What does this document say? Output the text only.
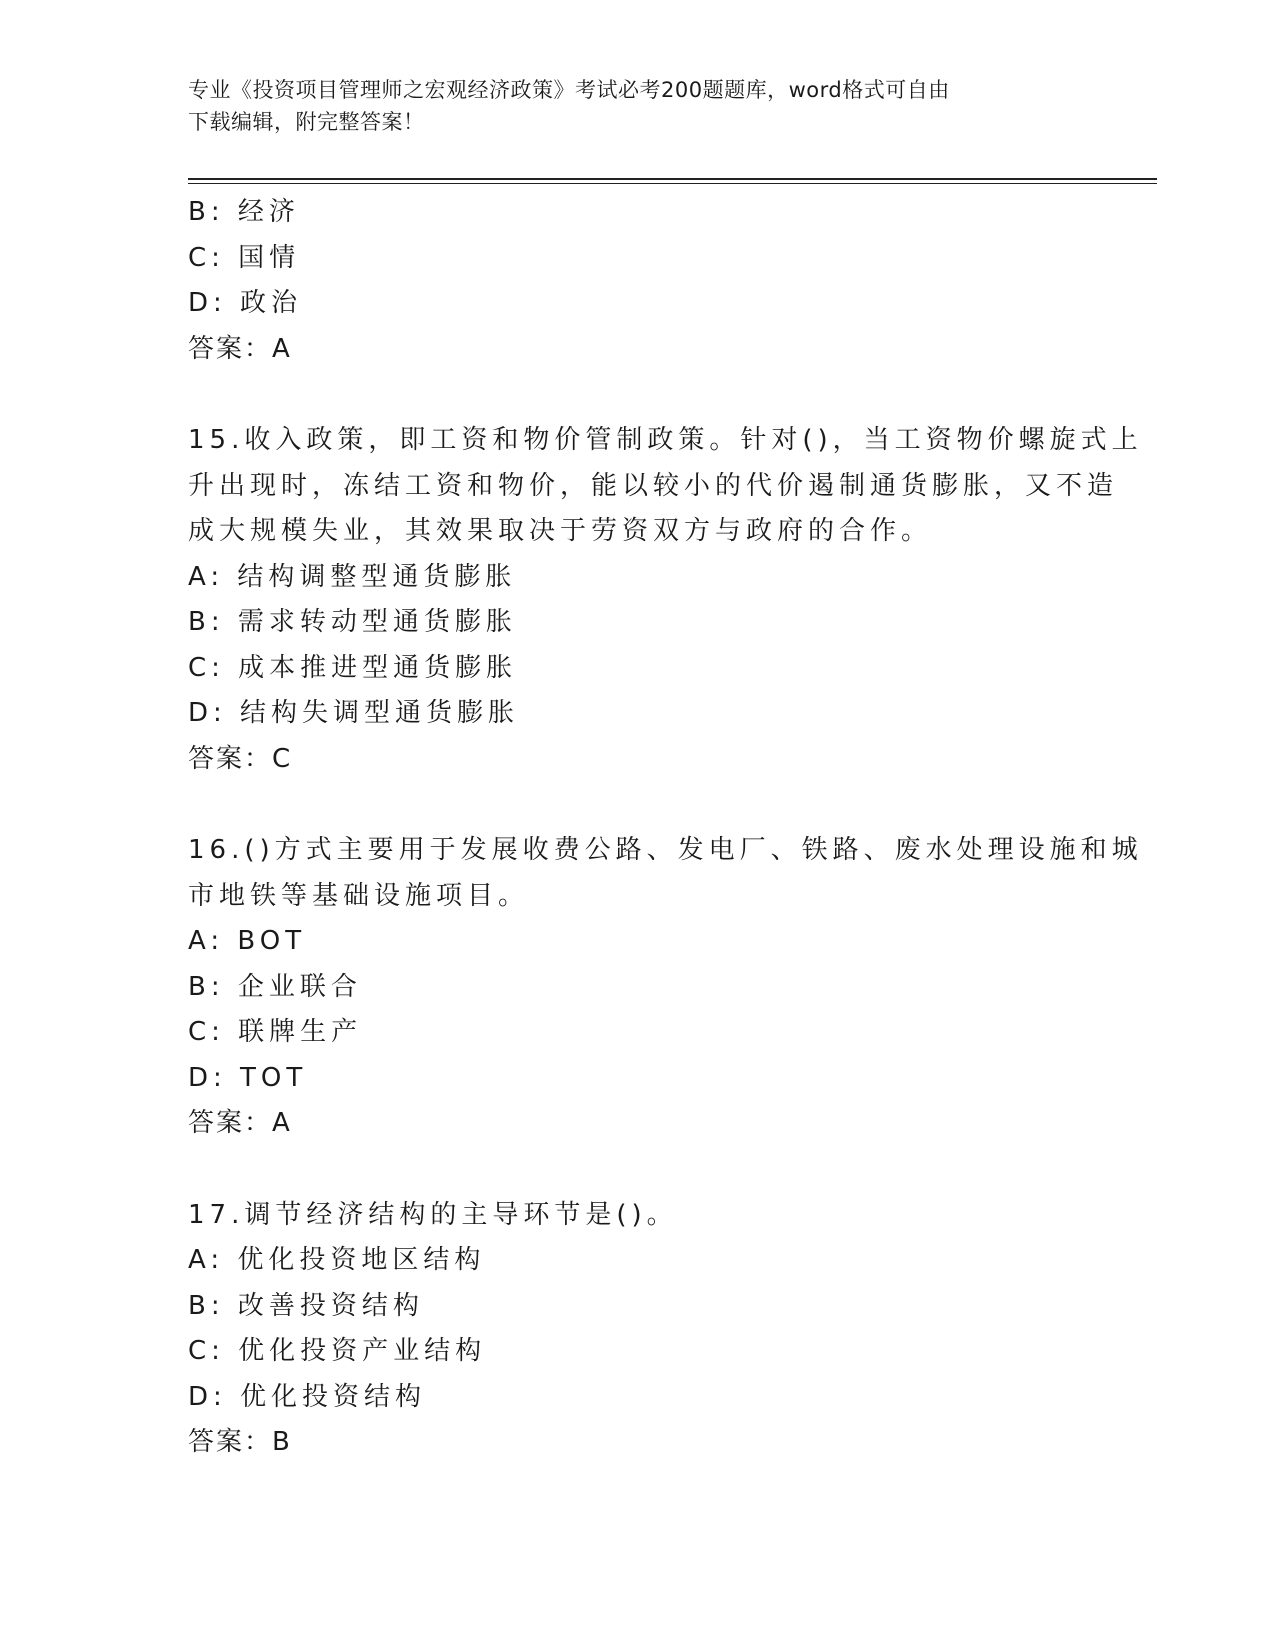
专业《投资项目管理师之宏观经济政策》考试必考200题题库，word格式可自由
下载编辑，附完整答案！
B: 经济
C: 国情
D: 政治
答案：A
15.收入政策，即工资和物价管制政策。针对()，当工资物价螺旋式上
升出现时，冻结工资和物价，能以较小的代价遏制通货膨胀，又不造
成大规模失业，其效果取决于劳资双方与政府的合作。
A: 结构调整型通货膨胀
B: 需求转动型通货膨胀
C: 成本推进型通货膨胀
D: 结构失调型通货膨胀
答案：C
16.()方式主要用于发展收费公路、发电厂、铁路、废水处理设施和城
市地铁等基础设施项目。
A: BOT
B: 企业联合
C: 联牌生产
D: TOT
答案：A
17.调节经济结构的主导环节是()。
A: 优化投资地区结构
B: 改善投资结构
C: 优化投资产业结构
D: 优化投资结构
答案：B
